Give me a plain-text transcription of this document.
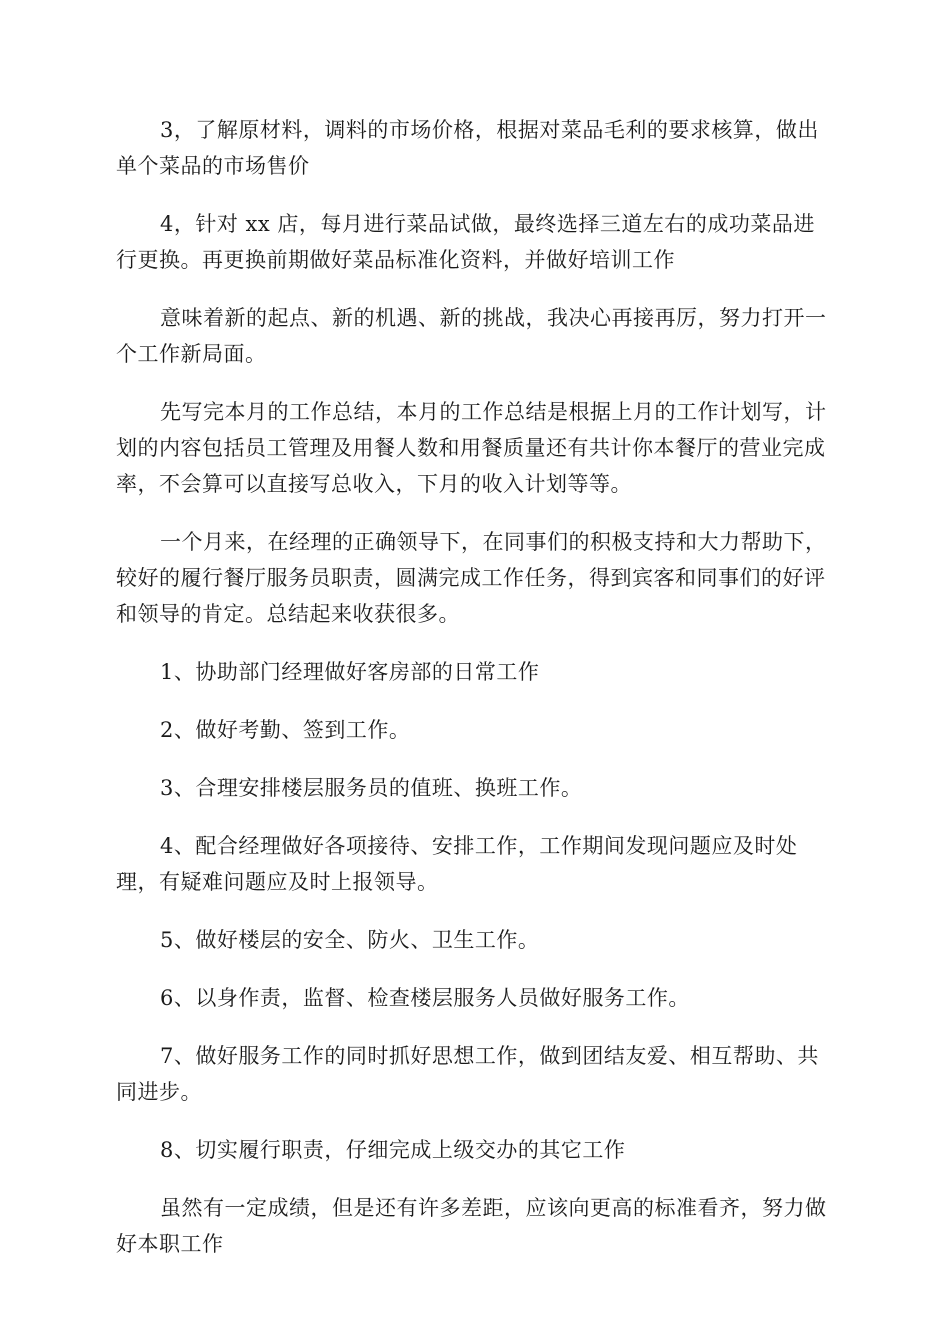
3，了解原材料，调料的市场价格，根据对菜品毛利的要求核算，做出单个菜品的市场售价

4，针对 xx 店，每月进行菜品试做，最终选择三道左右的成功菜品进行更换。再更换前期做好菜品标准化资料，并做好培训工作

意味着新的起点、新的机遇、新的挑战，我决心再接再厉，努力打开一个工作新局面。

先写完本月的工作总结，本月的工作总结是根据上月的工作计划写，计划的内容包括员工管理及用餐人数和用餐质量还有共计你本餐厅的营业完成率，不会算可以直接写总收入，下月的收入计划等等。

一个月来，在经理的正确领导下，在同事们的积极支持和大力帮助下，较好的履行餐厅服务员职责，圆满完成工作任务，得到宾客和同事们的好评和领导的肯定。总结起来收获很多。

1、协助部门经理做好客房部的日常工作

2、做好考勤、签到工作。

3、合理安排楼层服务员的值班、换班工作。

4、配合经理做好各项接待、安排工作，工作期间发现问题应及时处理，有疑难问题应及时上报领导。

5、做好楼层的安全、防火、卫生工作。

6、以身作责，监督、检查楼层服务人员做好服务工作。

7、做好服务工作的同时抓好思想工作，做到团结友爱、相互帮助、共同进步。

8、切实履行职责，仔细完成上级交办的其它工作

虽然有一定成绩，但是还有许多差距，应该向更高的标准看齐，努力做好本职工作
